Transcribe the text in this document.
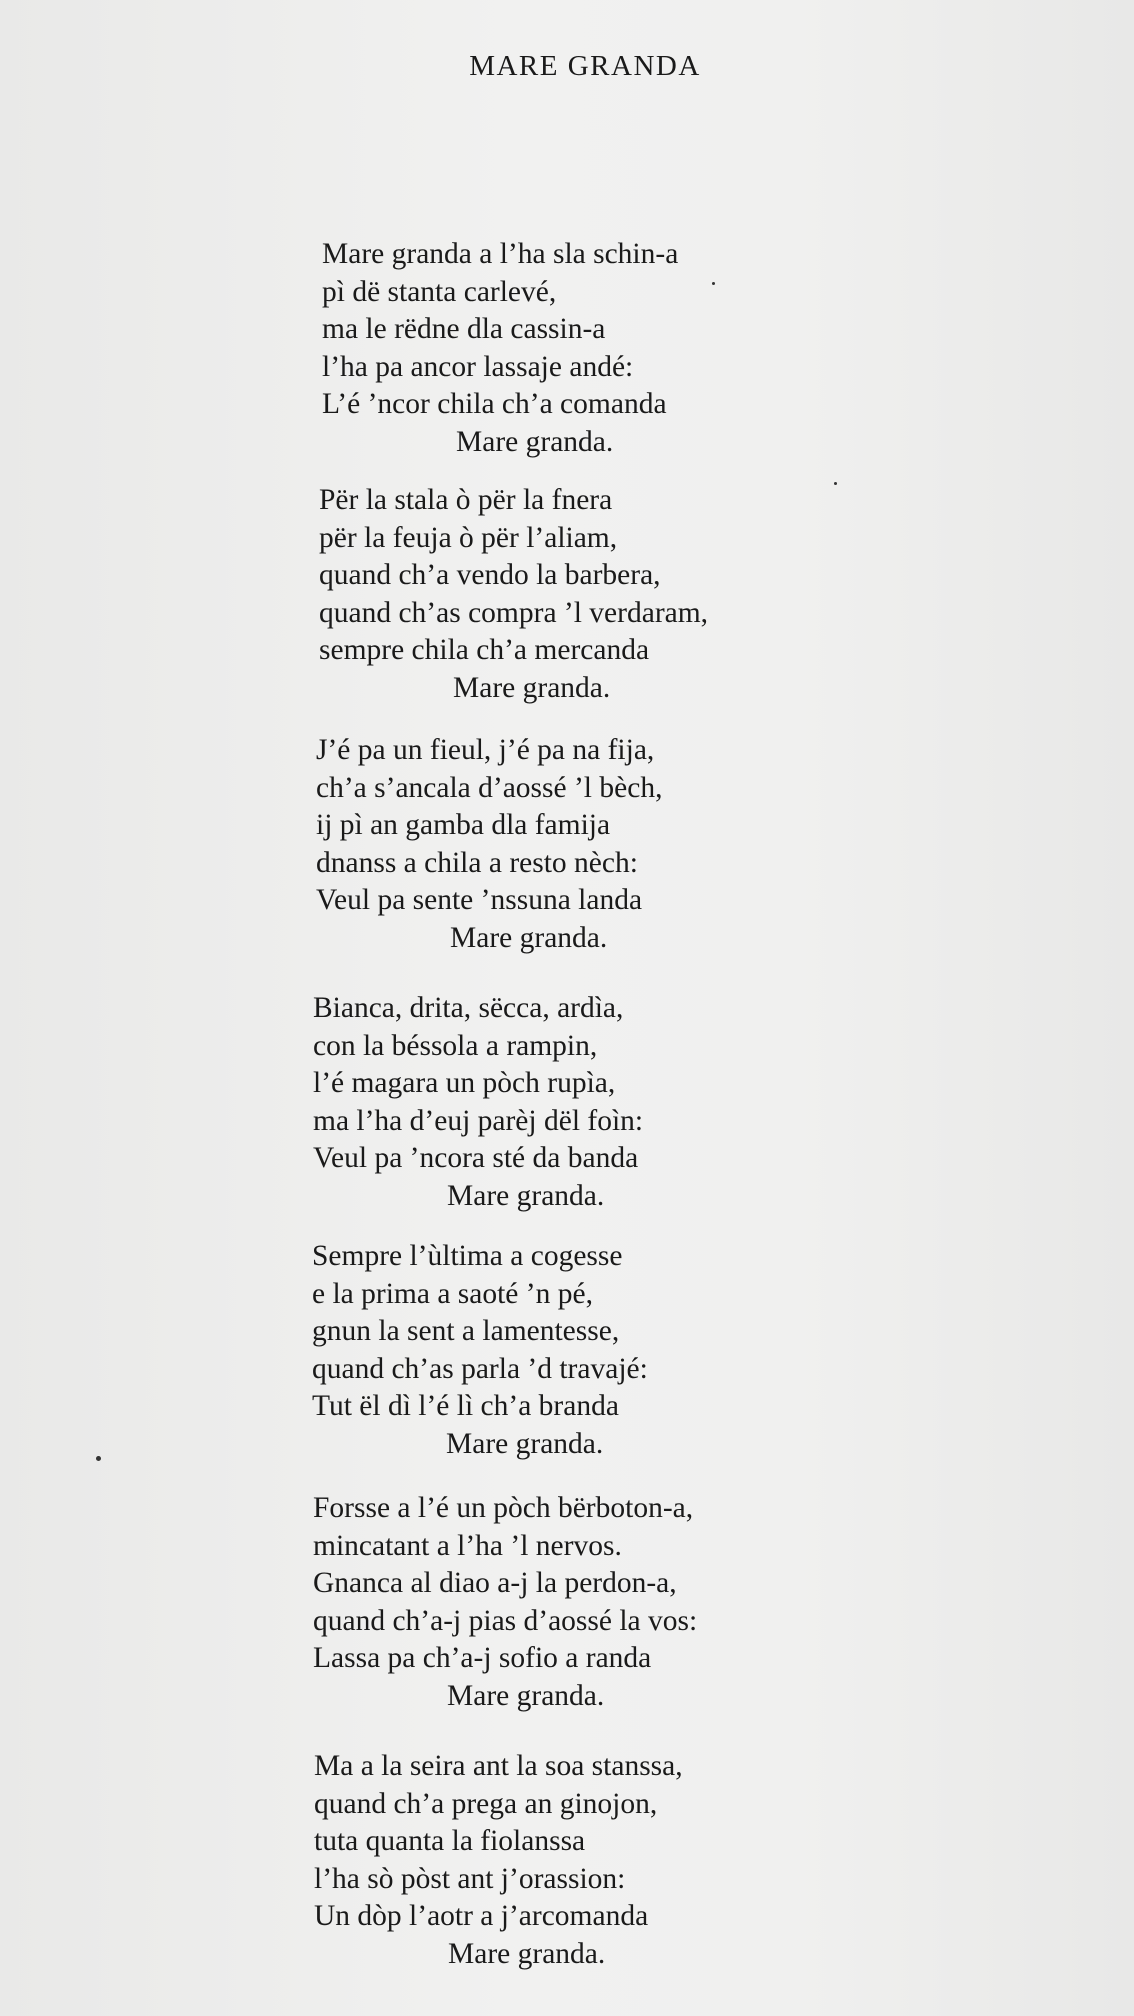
MARE GRANDA
Mare granda a l’ha sla schin-a
pì dë stanta carlevé,
ma le rëdne dla cassin-a
l’ha pa ancor lassaje andé:
L’é ’ncor chila ch’a comanda
Mare granda.
Për la stala ò për la fnera
për la feuja ò për l’aliam,
quand ch’a vendo la barbera,
quand ch’as compra ’l verdaram,
sempre chila ch’a mercanda
Mare granda.
J’é pa un fieul, j’é pa na fija,
ch’a s’ancala d’aossé ’l bèch,
ij pì an gamba dla famija
dnanss a chila a resto nèch:
Veul pa sente ’nssuna landa
Mare granda.
Bianca, drita, sëcca, ardìa,
con la béssola a rampin,
l’é magara un pòch rupìa,
ma l’ha d’euj parèj dël foìn:
Veul pa ’ncora sté da banda
Mare granda.
Sempre l’ùltima a cogesse
e la prima a saoté ’n pé,
gnun la sent a lamentesse,
quand ch’as parla ’d travajé:
Tut ël dì l’é lì ch’a branda
Mare granda.
Forsse a l’é un pòch bërboton-a,
mincatant a l’ha ’l nervos.
Gnanca al diao a-j la perdon-a,
quand ch’a-j pias d’aossé la vos:
Lassa pa ch’a-j sofio a randa
Mare granda.
Ma a la seira ant la soa stanssa,
quand ch’a prega an ginojon,
tuta quanta la fiolanssa
l’ha sò pòst ant j’orassion:
Un dòp l’aotr a j’arcomanda
Mare granda.
